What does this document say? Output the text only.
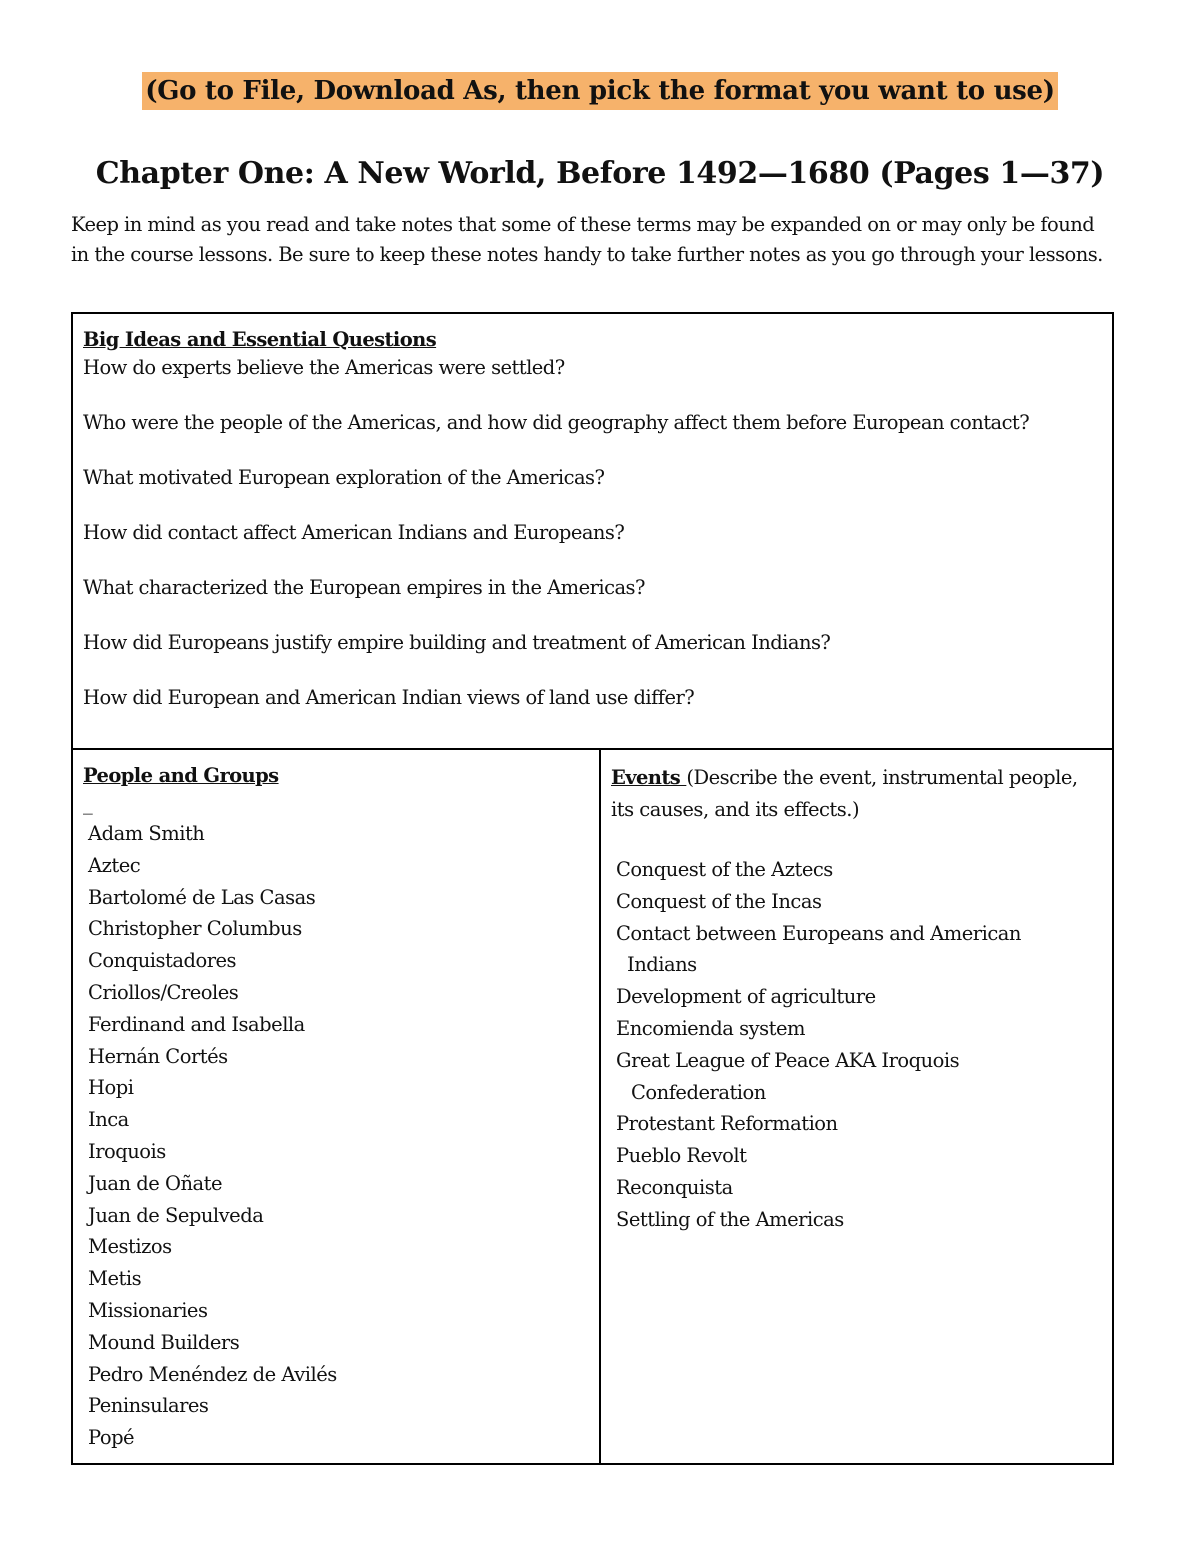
(Go to File, Download As, then pick the format you want to use)
Chapter One: A New World, Before 1492—1680 (Pages 1—37)

Keep in mind as you read and take notes that some of these terms may be expanded on or may only be found in the course lessons. Be sure to keep these notes handy to take further notes as you go through your lessons.

Big Ideas and Essential Questions
How do experts believe the Americas were settled?
Who were the people of the Americas, and how did geography affect them before European contact?
What motivated European exploration of the Americas?
How did contact affect American Indians and Europeans?
What characterized the European empires in the Americas?
How did Europeans justify empire building and treatment of American Indians?
How did European and American Indian views of land use differ?
People and Groups
_
Adam Smith
Aztec
Bartolomé de Las Casas
Christopher Columbus
Conquistadores
Criollos/Creoles
Ferdinand and Isabella
Hernán Cortés
Hopi
Inca
Iroquois
Juan de Oñate
Juan de Sepulveda
Mestizos
Metis
Missionaries
Mound Builders
Pedro Menéndez de Avilés
Peninsulares
Popé
Events (Describe the event, instrumental people,
its causes, and its effects.)
Conquest of the Aztecs
Conquest of the Incas
Contact between Europeans and American
Indians
Development of agriculture
Encomienda system
Great League of Peace AKA Iroquois
Confederation
Protestant Reformation
Pueblo Revolt
Reconquista
Settling of the Americas
